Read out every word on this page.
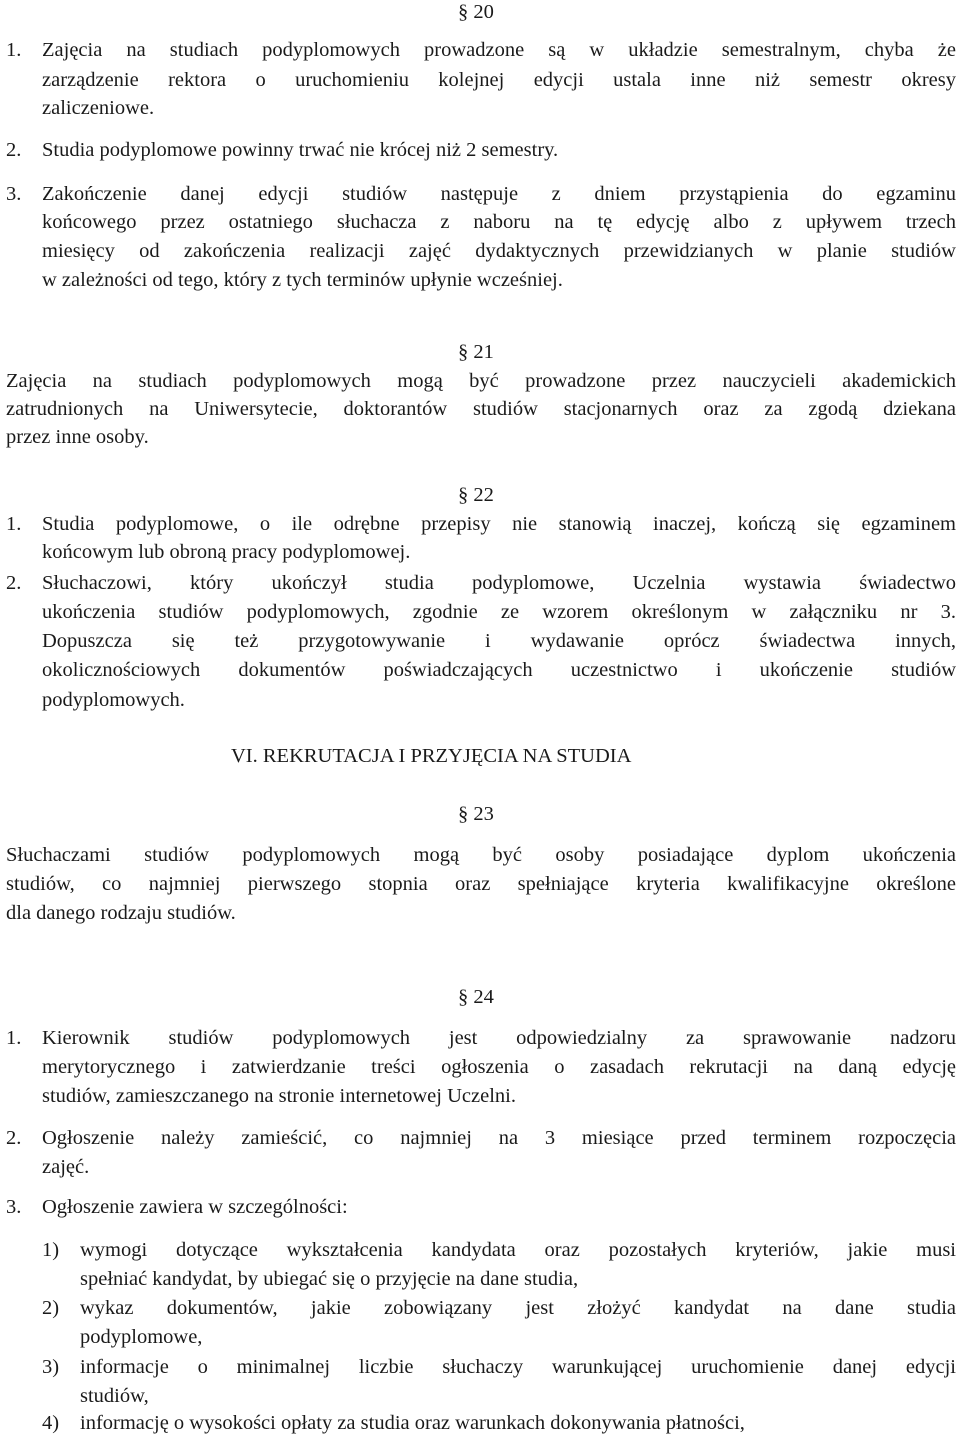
§ 20
1. Zajęcia na studiach podyplomowych prowadzone są w układzie semestralnym, chyba że
zarządzenie rektora o uruchomieniu kolejnej edycji ustala inne niż semestr okresy
zaliczeniowe.
2. Studia podyplomowe powinny trwać nie krócej niż 2 semestry.
3. Zakończenie danej edycji studiów następuje z dniem przystąpienia do egzaminu
końcowego przez ostatniego słuchacza z naboru na tę edycję albo z upływem trzech
miesięcy od zakończenia realizacji zajęć dydaktycznych przewidzianych w planie studiów
w zależności od tego, który z tych terminów upłynie wcześniej.
§ 21
Zajęcia na studiach podyplomowych mogą być prowadzone przez nauczycieli akademickich
zatrudnionych na Uniwersytecie, doktorantów studiów stacjonarnych oraz za zgodą dziekana
przez inne osoby.
§ 22
1. Studia podyplomowe, o ile odrębne przepisy nie stanowią inaczej, kończą się egzaminem
końcowym lub obroną pracy podyplomowej.
2. Słuchaczowi, który ukończył studia podyplomowe, Uczelnia wystawia świadectwo
ukończenia studiów podyplomowych, zgodnie ze wzorem określonym w załączniku nr 3.
Dopuszcza się też przygotowywanie i wydawanie oprócz świadectwa innych,
okolicznościowych dokumentów poświadczających uczestnictwo i ukończenie studiów
podyplomowych.
VI. REKRUTACJA I PRZYJĘCIA NA STUDIA
§ 23
Słuchaczami studiów podyplomowych mogą być osoby posiadające dyplom ukończenia
studiów, co najmniej pierwszego stopnia oraz spełniające kryteria kwalifikacyjne określone
dla danego rodzaju studiów.
§ 24
1. Kierownik studiów podyplomowych jest odpowiedzialny za sprawowanie nadzoru
merytorycznego i zatwierdzanie treści ogłoszenia o zasadach rekrutacji na daną edycję
studiów, zamieszczanego na stronie internetowej Uczelni.
2. Ogłoszenie należy zamieścić, co najmniej na 3 miesiące przed terminem rozpoczęcia
zajęć.
3. Ogłoszenie zawiera w szczególności:
1) wymogi dotyczące wykształcenia kandydata oraz pozostałych kryteriów, jakie musi
spełniać kandydat, by ubiegać się o przyjęcie na dane studia,
2) wykaz dokumentów, jakie zobowiązany jest złożyć kandydat na dane studia
podyplomowe,
3) informacje o minimalnej liczbie słuchaczy warunkującej uruchomienie danej edycji
studiów,
4) informację o wysokości opłaty za studia oraz warunkach dokonywania płatności,
